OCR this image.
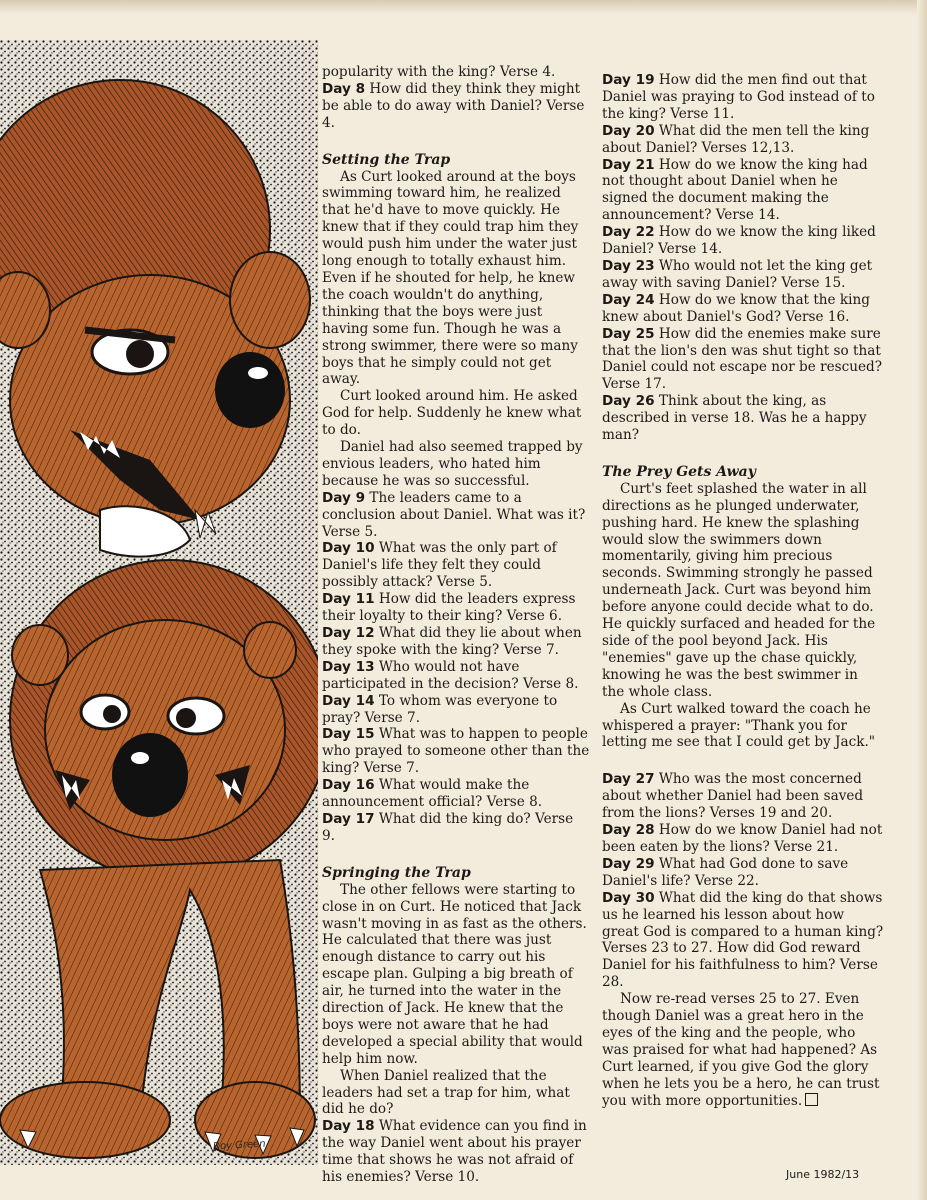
Roy Green

popularity with the king? Verse 4.

Day 8 How did they think they might be able to do away with Daniel? Verse 4.

Setting the Trap

As Curt looked around at the boys swimming toward him, he realized that he'd have to move quickly. He knew that if they could trap him they would push him under the water just long enough to totally exhaust him. Even if he shouted for help, he knew the coach wouldn't do anything, thinking that the boys were just having some fun. Though he was a strong swimmer, there were so many boys that he simply could not get away.

Curt looked around him. He asked God for help. Suddenly he knew what to do.

Daniel had also seemed trapped by envious leaders, who hated him because he was so successful.

Day 9 The leaders came to a conclusion about Daniel. What was it? Verse 5.

Day 10 What was the only part of Daniel's life they felt they could possibly attack? Verse 5.

Day 11 How did the leaders express their loyalty to their king? Verse 6.

Day 12 What did they lie about when they spoke with the king? Verse 7.

Day 13 Who would not have participated in the decision? Verse 8.

Day 14 To whom was everyone to pray? Verse 7.

Day 15 What was to happen to people who prayed to someone other than the king? Verse 7.

Day 16 What would make the announcement official? Verse 8.

Day 17 What did the king do? Verse 9.

Springing the Trap

The other fellows were starting to close in on Curt. He noticed that Jack wasn't moving in as fast as the others. He calculated that there was just enough distance to carry out his escape plan. Gulping a big breath of air, he turned into the water in the direction of Jack. He knew that the boys were not aware that he had developed a special ability that would help him now.

When Daniel realized that the leaders had set a trap for him, what did he do?

Day 18 What evidence can you find in the way Daniel went about his prayer time that shows he was not afraid of his enemies? Verse 10.

Day 19 How did the men find out that Daniel was praying to God instead of to the king? Verse 11.

Day 20 What did the men tell the king about Daniel? Verses 12,13.

Day 21 How do we know the king had not thought about Daniel when he signed the document making the announcement? Verse 14.

Day 22 How do we know the king liked Daniel? Verse 14.

Day 23 Who would not let the king get away with saving Daniel? Verse 15.

Day 24 How do we know that the king knew about Daniel's God? Verse 16.

Day 25 How did the enemies make sure that the lion's den was shut tight so that Daniel could not escape nor be rescued? Verse 17.

Day 26 Think about the king, as described in verse 18. Was he a happy man?

The Prey Gets Away

Curt's feet splashed the water in all directions as he plunged underwater, pushing hard. He knew the splashing would slow the swimmers down momentarily, giving him precious seconds. Swimming strongly he passed underneath Jack. Curt was beyond him before anyone could decide what to do. He quickly surfaced and headed for the side of the pool beyond Jack. His "enemies" gave up the chase quickly, knowing he was the best swimmer in the whole class.

As Curt walked toward the coach he whispered a prayer: "Thank you for letting me see that I could get by Jack."

Day 27 Who was the most concerned about whether Daniel had been saved from the lions? Verses 19 and 20.

Day 28 How do we know Daniel had not been eaten by the lions? Verse 21.

Day 29 What had God done to save Daniel's life? Verse 22.

Day 30 What did the king do that shows us he learned his lesson about how great God is compared to a human king? Verses 23 to 27. How did God reward Daniel for his faithfulness to him? Verse 28.

Now re-read verses 25 to 27. Even though Daniel was a great hero in the eyes of the king and the people, who was praised for what had happened? As Curt learned, if you give God the glory when he lets you be a hero, he can trust you with more opportunities.

June 1982/13
